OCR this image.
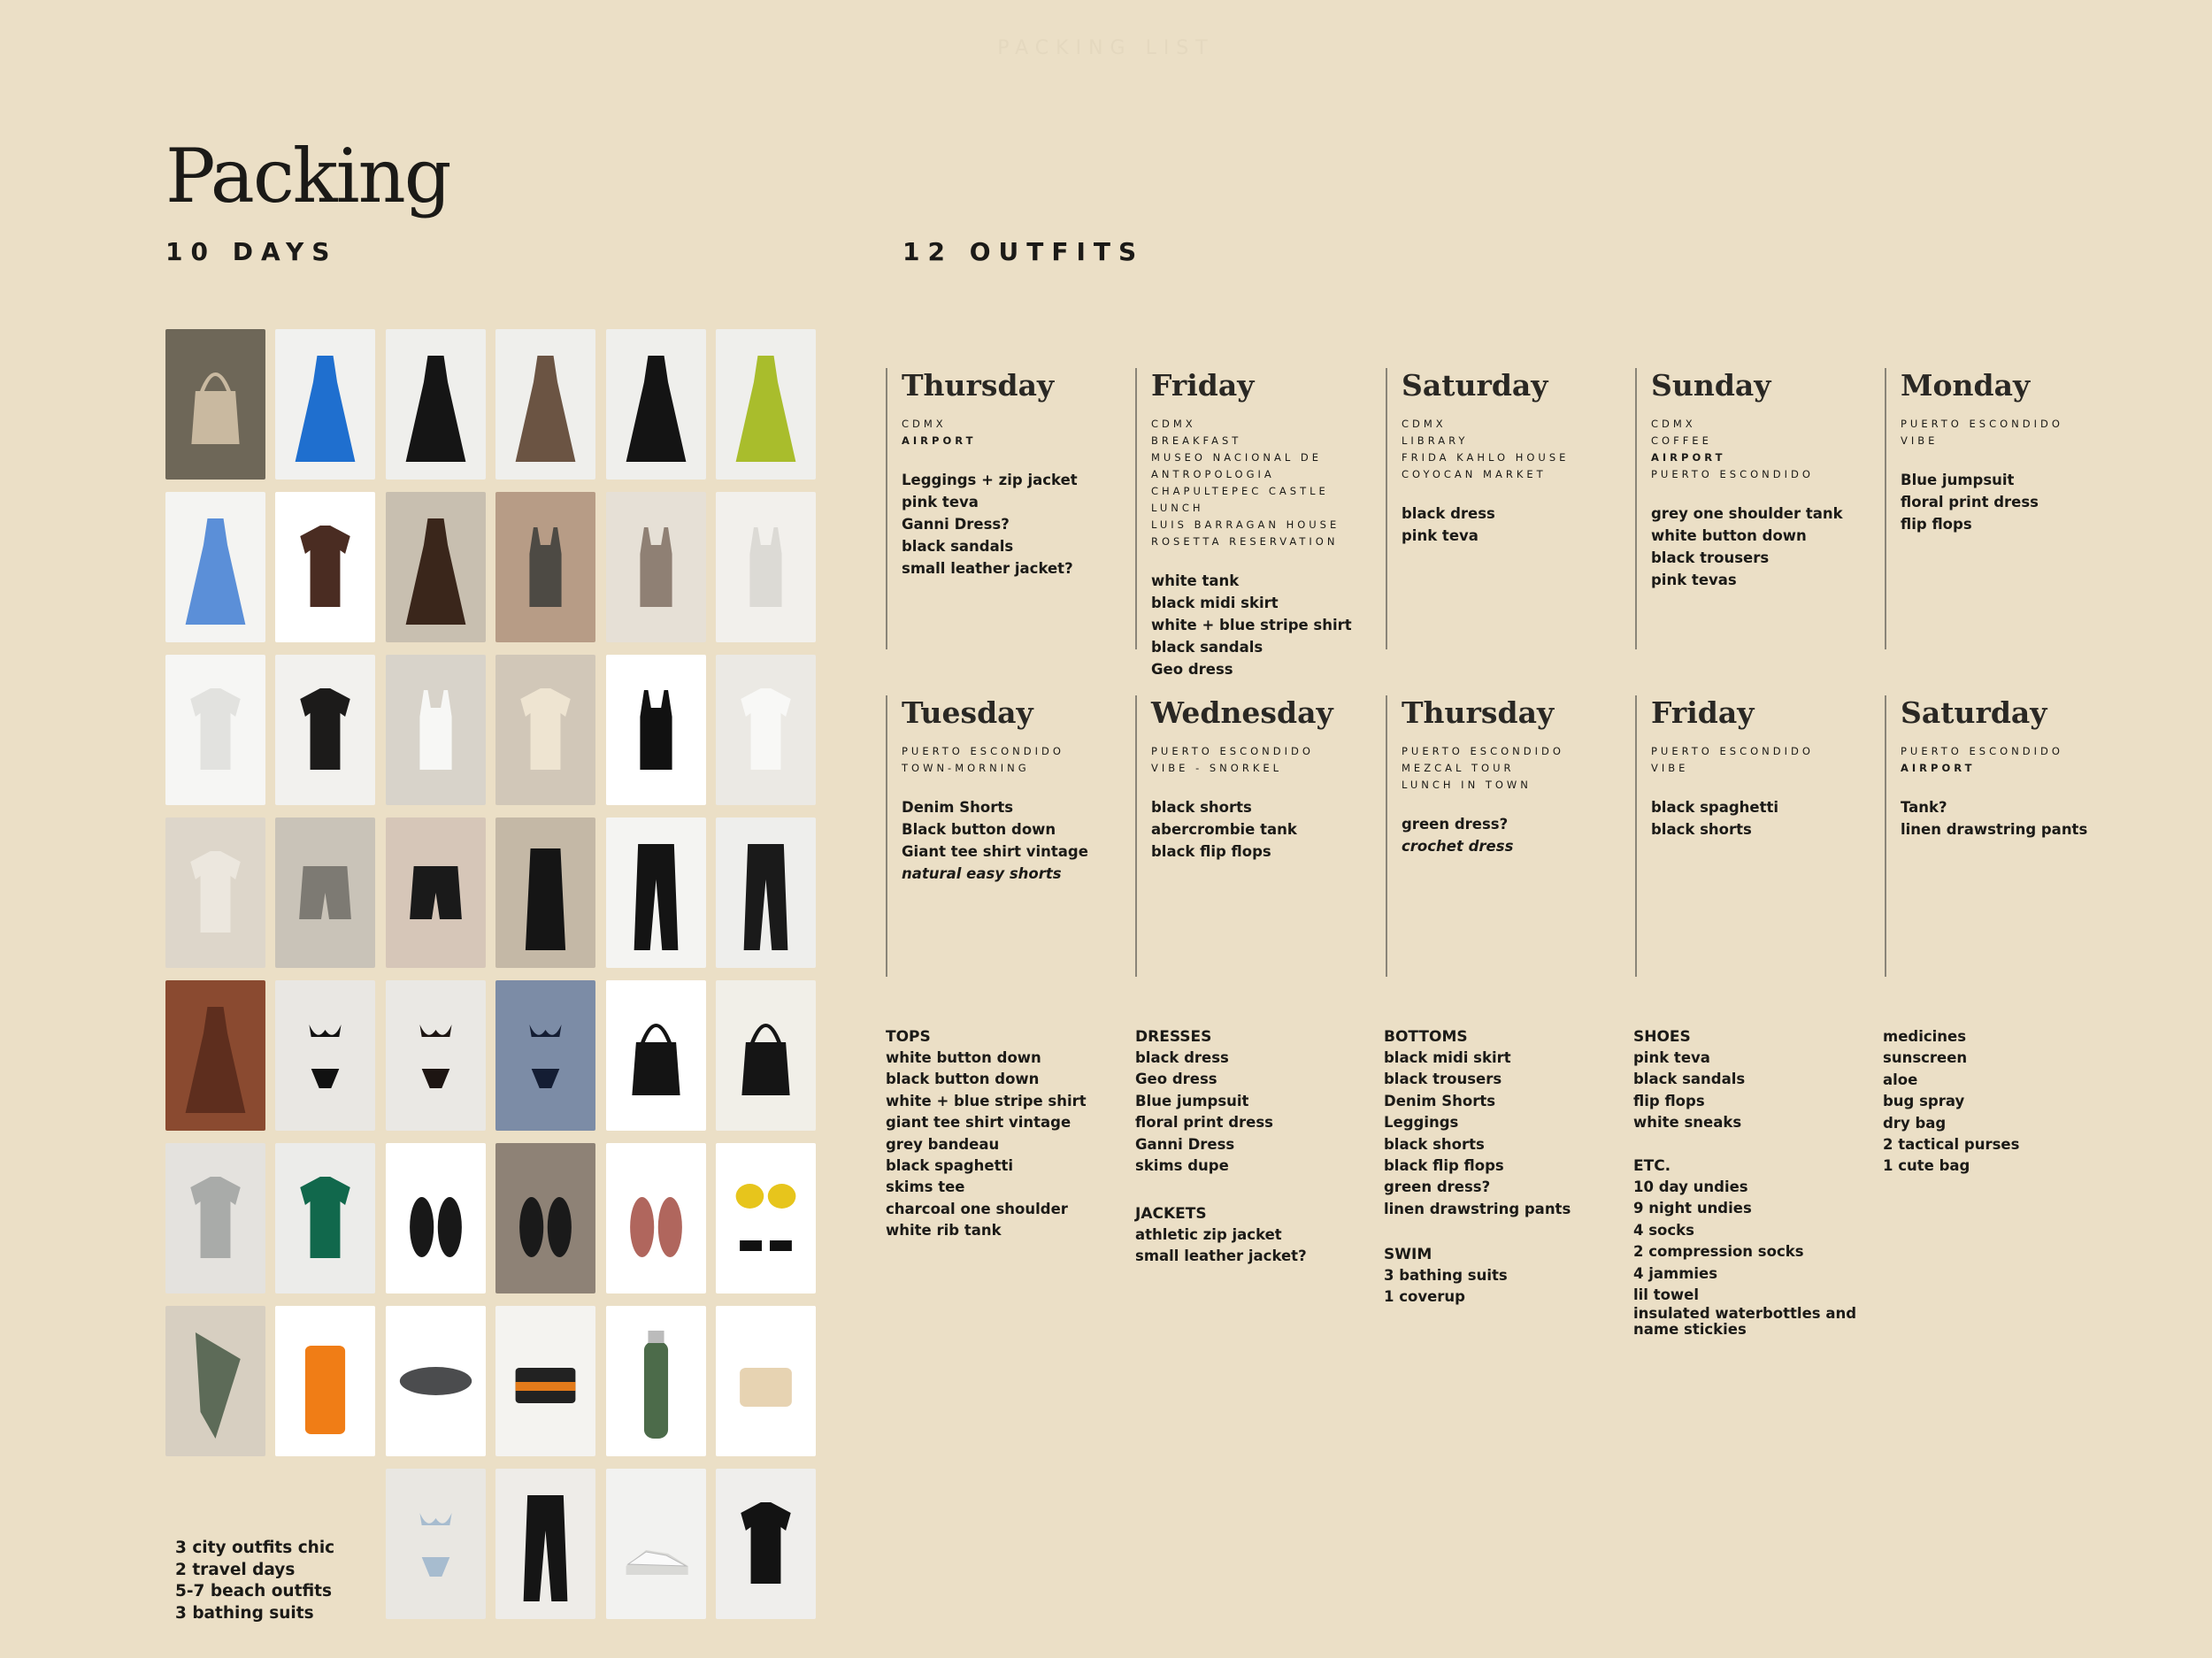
PACKING LIST
Packing
10 DAYS	12 OUTFITS
3 city outfits chic
2 travel days
5-7 beach outfits
3 bathing suits
Thursday
CDMX
AIRPORT
Leggings + zip jacket
pink teva
Ganni Dress?
black sandals
small leather jacket?
Friday
CDMX
BREAKFAST
MUSEO NACIONAL DE ANTROPOLOGIA
CHAPULTEPEC CASTLE
LUNCH
LUIS BARRAGAN HOUSE
ROSETTA RESERVATION
white tank
black midi skirt
white + blue stripe shirt
black sandals
Geo dress
Saturday
CDMX
LIBRARY
FRIDA KAHLO HOUSE
COYOCAN MARKET
black dress
pink teva
Sunday
CDMX
COFFEE
AIRPORT
PUERTO ESCONDIDO
grey one shoulder tank
white button down
black trousers
pink tevas
Monday
PUERTO ESCONDIDO
VIBE
Blue jumpsuit
floral print dress
flip flops
Tuesday
PUERTO ESCONDIDO
TOWN-MORNING
Denim Shorts
Black button down
Giant tee shirt vintage
natural easy shorts
Wednesday
PUERTO ESCONDIDO
VIBE - SNORKEL
black shorts
abercrombie tank
black flip flops
Thursday
PUERTO ESCONDIDO
MEZCAL TOUR
LUNCH IN TOWN
green dress?
crochet dress
Friday
PUERTO ESCONDIDO
VIBE
black spaghetti
black shorts
Saturday
PUERTO ESCONDIDO
AIRPORT
Tank?
linen drawstring pants
TOPS
white button down
black button down
white + blue stripe shirt
giant tee shirt vintage
grey bandeau
black spaghetti
skims tee
charcoal one shoulder
white rib tank
DRESSES
black dress
Geo dress
Blue jumpsuit
floral print dress
Ganni Dress
skims dupe
JACKETS
athletic zip jacket
small leather jacket?
BOTTOMS
black midi skirt
black trousers
Denim Shorts
Leggings
black shorts
black flip flops
green dress?
linen drawstring pants
SWIM
3 bathing suits
1 coverup
SHOES
pink teva
black sandals
flip flops
white sneaks
ETC.
10 day undies
9 night undies
4 socks
2 compression socks
4 jammies
lil towel
insulated waterbottles and name stickies
medicines
sunscreen
aloe
bug spray
dry bag
2 tactical purses
1 cute bag
